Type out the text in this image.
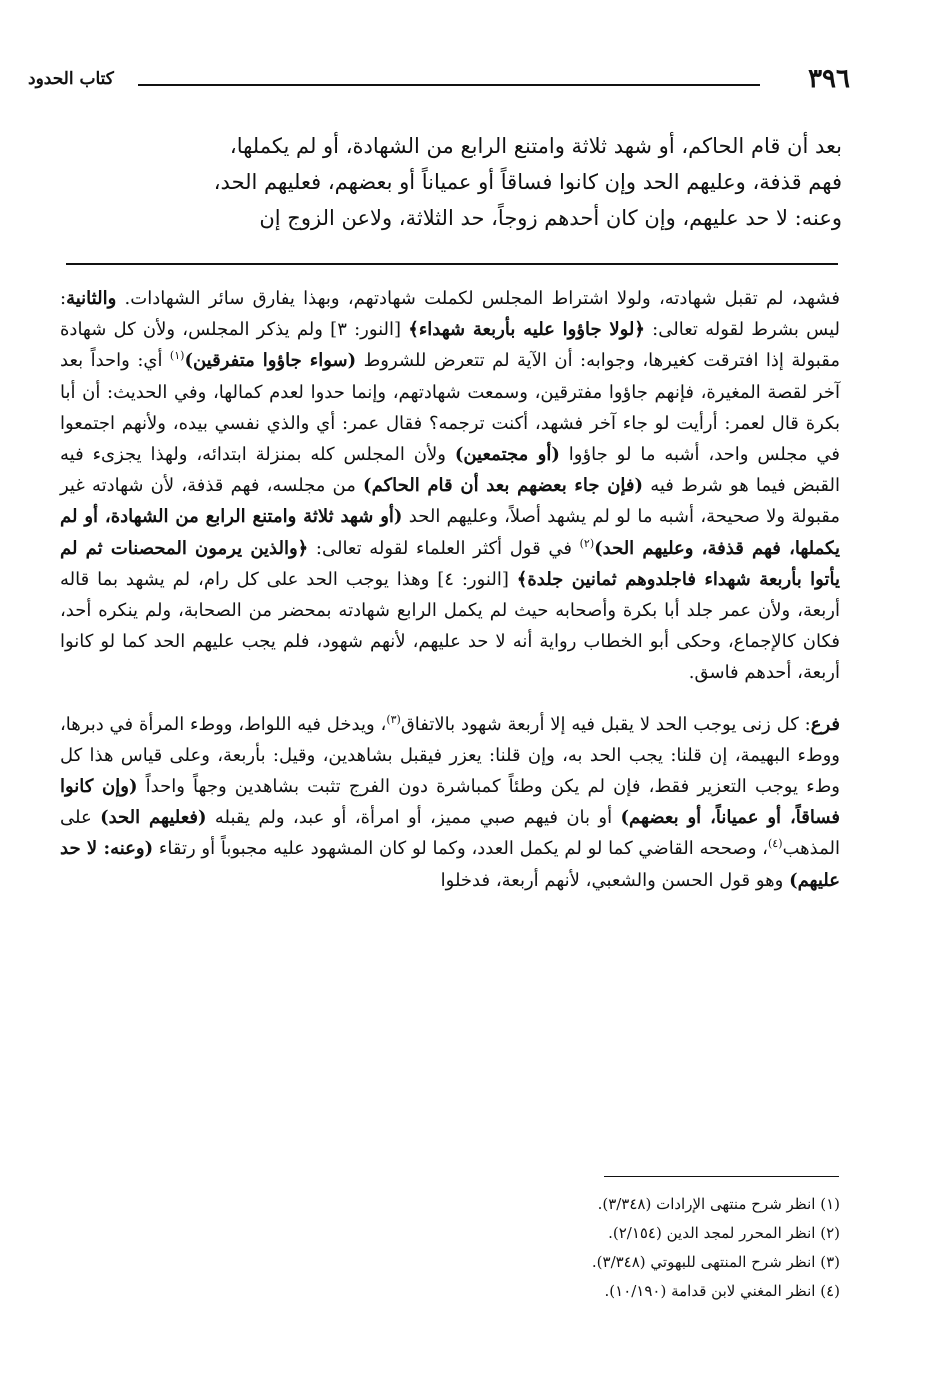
٣٩٦
كتاب الحدود

بعد أن قام الحاكم، أو شهد ثلاثة وامتنع الرابع من الشهادة، أو لم يكملها،

فهم قذفة، وعليهم الحد وإن كانوا فساقاً أو عمياناً أو بعضهم، فعليهم الحد،

وعنه: لا حد عليهم، وإن كان أحدهم زوجاً، حد الثلاثة، ولاعن الزوج إن

فشهد، لم تقبل شهادته، ولولا اشتراط المجلس لكملت شهادتهم، وبهذا يفارق سائر الشهادات. والثانية: ليس بشرط لقوله تعالى: ﴿لولا جاؤوا عليه بأربعة شهداء﴾ [النور: ٣] ولم يذكر المجلس، ولأن كل شهادة مقبولة إذا افترقت كغيرها، وجوابه: أن الآية لم تتعرض للشروط (سواء جاؤوا متفرقين)$^{(١)}$ أي: واحداً بعد آخر لقصة المغيرة، فإنهم جاؤوا مفترقين، وسمعت شهادتهم، وإنما حدوا لعدم كمالها، وفي الحديث: أن أبا بكرة قال لعمر: أرأيت لو جاء آخر فشهد، أكنت ترجمه؟ فقال عمر: أي والذي نفسي بيده، ولأنهم اجتمعوا في مجلس واحد، أشبه ما لو جاؤوا (أو مجتمعين) ولأن المجلس كله بمنزلة ابتدائه، ولهذا يجزىء فيه القبض فيما هو شرط فيه (فإن جاء بعضهم بعد أن قام الحاكم) من مجلسه، فهم قذفة، لأن شهادته غير مقبولة ولا صحيحة، أشبه ما لو لم يشهد أصلاً، وعليهم الحد (أو شهد ثلاثة وامتنع الرابع من الشهادة، أو لم يكملها، فهم قذفة، وعليهم الحد)$^{(٢)}$ في قول أكثر العلماء لقوله تعالى: ﴿والذين يرمون المحصنات ثم لم يأتوا بأربعة شهداء فاجلدوهم ثمانين جلدة﴾ [النور: ٤] وهذا يوجب الحد على كل رام، لم يشهد بما قاله أربعة، ولأن عمر جلد أبا بكرة وأصحابه حيث لم يكمل الرابع شهادته بمحضر من الصحابة، ولم ينكره أحد، فكان كالإجماع، وحكى أبو الخطاب رواية أنه لا حد عليهم، لأنهم شهود، فلم يجب عليهم الحد كما لو كانوا أربعة، أحدهم فاسق.

فرع: كل زنى يوجب الحد لا يقبل فيه إلا أربعة شهود بالاتفاق$^{(٣)}$، ويدخل فيه اللواط، ووطء المرأة في دبرها، ووطء البهيمة، إن قلنا: يجب الحد به، وإن قلنا: يعزر فيقبل بشاهدين، وقيل: بأربعة، وعلى قياس هذا كل وطء يوجب التعزير فقط، فإن لم يكن وطئاً كمباشرة دون الفرج تثبت بشاهدين وجهاً واحداً (وإن كانوا فساقاً، أو عمياناً، أو بعضهم) أو بان فيهم صبي مميز، أو امرأة، أو عبد، ولم يقبله (فعليهم الحد) على المذهب$^{(٤)}$، وصححه القاضي كما لو لم يكمل العدد، وكما لو كان المشهود عليه مجبوباً أو رتقاء (وعنه: لا حد عليهم) وهو قول الحسن والشعبي، لأنهم أربعة، فدخلوا

(١) انظر شرح منتهى الإرادات (٣/٣٤٨).
(٢) انظر المحرر لمجد الدين (٢/١٥٤).
(٣) انظر شرح المنتهى للبهوتي (٣/٣٤٨).
(٤) انظر المغني لابن قدامة (١٠/١٩٠).
